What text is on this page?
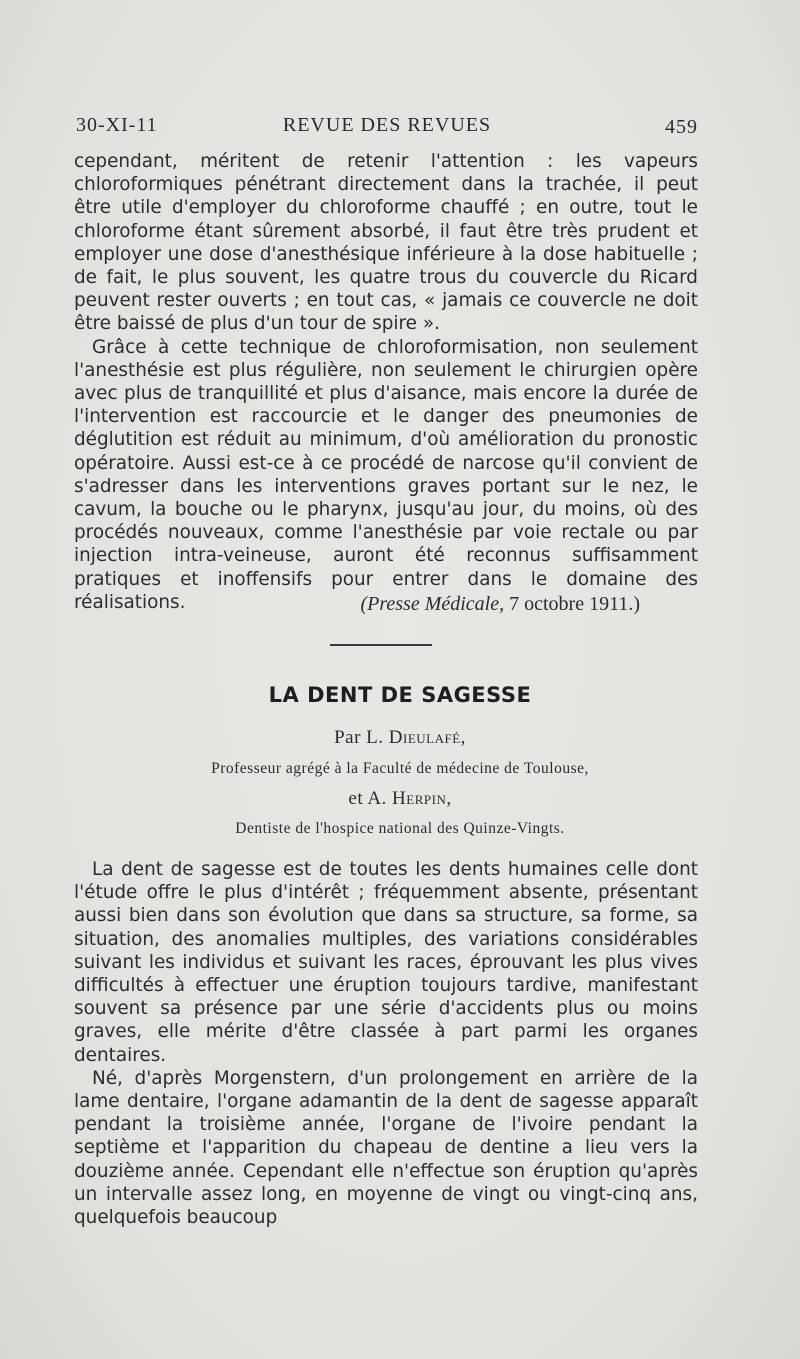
30-XI-11	REVUE DES REVUES	459

cependant, méritent de retenir l'attention : les vapeurs chloroformiques pénétrant directement dans la trachée, il peut être utile d'employer du chloroforme chauffé ; en outre, tout le chloroforme étant sûrement absorbé, il faut être très prudent et employer une dose d'anesthésique inférieure à la dose habituelle ; de fait, le plus souvent, les quatre trous du couvercle du Ricard peuvent rester ouverts ; en tout cas, « jamais ce couvercle ne doit être baissé de plus d'un tour de spire ».

Grâce à cette technique de chloroformisation, non seulement l'anesthésie est plus régulière, non seulement le chirurgien opère avec plus de tranquillité et plus d'aisance, mais encore la durée de l'intervention est raccourcie et le danger des pneumonies de déglutition est réduit au minimum, d'où amélioration du pronostic opératoire. Aussi est-ce à ce procédé de narcose qu'il convient de s'adresser dans les interventions graves portant sur le nez, le cavum, la bouche ou le pharynx, jusqu'au jour, du moins, où des procédés nouveaux, comme l'anesthésie par voie rectale ou par injection intra-veineuse, auront été reconnus suffisamment pratiques et inoffensifs pour entrer dans le domaine des réalisations.	(Presse Médicale, 7 octobre 1911.)
LA DENT DE SAGESSE
Par L. Dieulafé,
Professeur agrégé à la Faculté de médecine de Toulouse,
et A. Herpin,
Dentiste de l'hospice national des Quinze-Vingts.

La dent de sagesse est de toutes les dents humaines celle dont l'étude offre le plus d'intérêt ; fréquemment absente, présentant aussi bien dans son évolution que dans sa structure, sa forme, sa situation, des anomalies multiples, des variations considérables suivant les individus et suivant les races, éprouvant les plus vives difficultés à effectuer une éruption toujours tardive, manifestant souvent sa présence par une série d'accidents plus ou moins graves, elle mérite d'être classée à part parmi les organes dentaires.

Né, d'après Morgenstern, d'un prolongement en arrière de la lame dentaire, l'organe adamantin de la dent de sagesse apparaît pendant la troisième année, l'organe de l'ivoire pendant la septième et l'apparition du chapeau de dentine a lieu vers la douzième année. Cependant elle n'effectue son éruption qu'après un intervalle assez long, en moyenne de vingt ou vingt-cinq ans, quelquefois beaucoup
